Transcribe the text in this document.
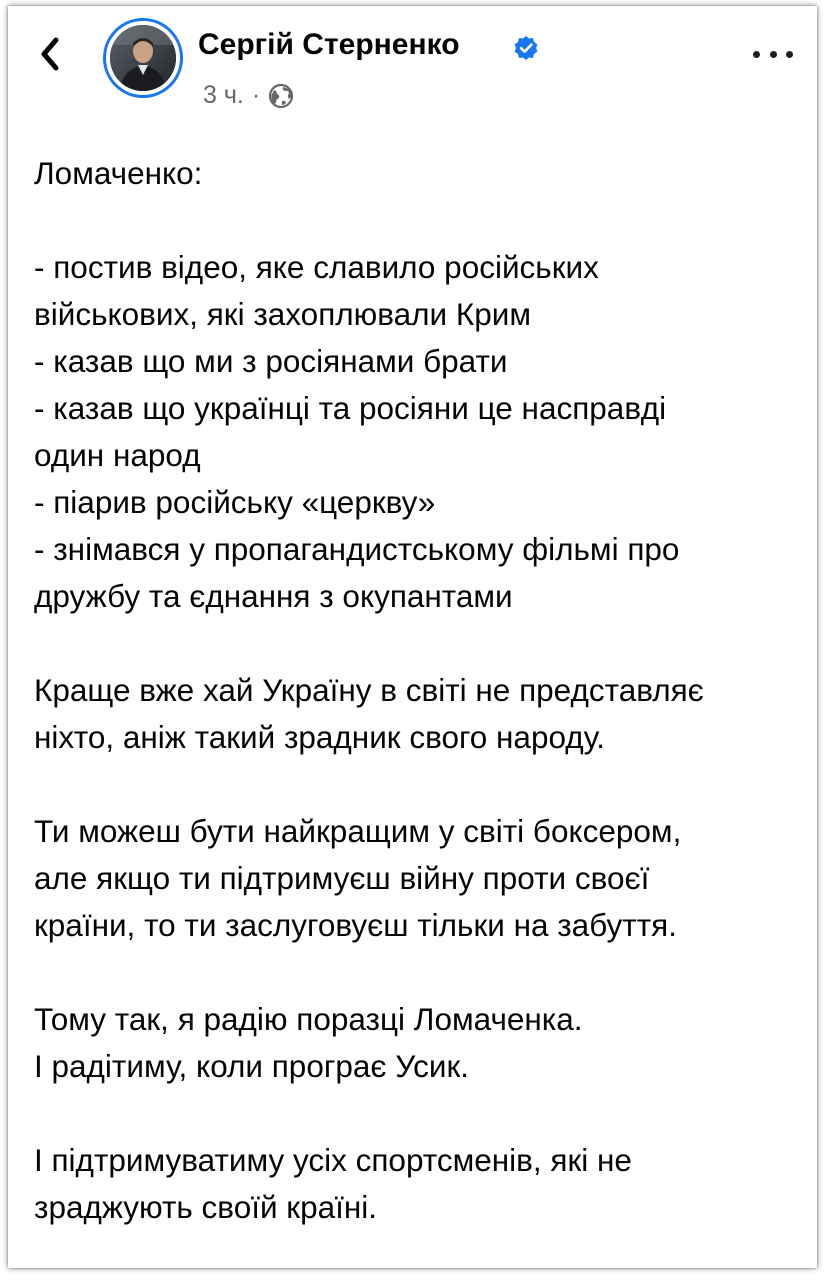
Сергій Стерненко
3 ч. ·

Ломаченко:

- постив відео, яке славило російських

військових, які захоплювали Крим

- казав що ми з росіянами брати

- казав що українці та росіяни це насправді

один народ

- піарив російську «церкву»

- знімався у пропагандистському фільмі про

дружбу та єднання з окупантами

Краще вже хай Україну в світі не представляє

ніхто, аніж такий зрадник свого народу.

Ти можеш бути найкращим у світі боксером,

але якщо ти підтримуєш війну проти своєї

країни, то ти заслуговуєш тільки на забуття.

Тому так, я радію поразці Ломаченка.

І радітиму, коли програє Усик.

І підтримуватиму усіх спортсменів, які не

зраджують своїй країні.
